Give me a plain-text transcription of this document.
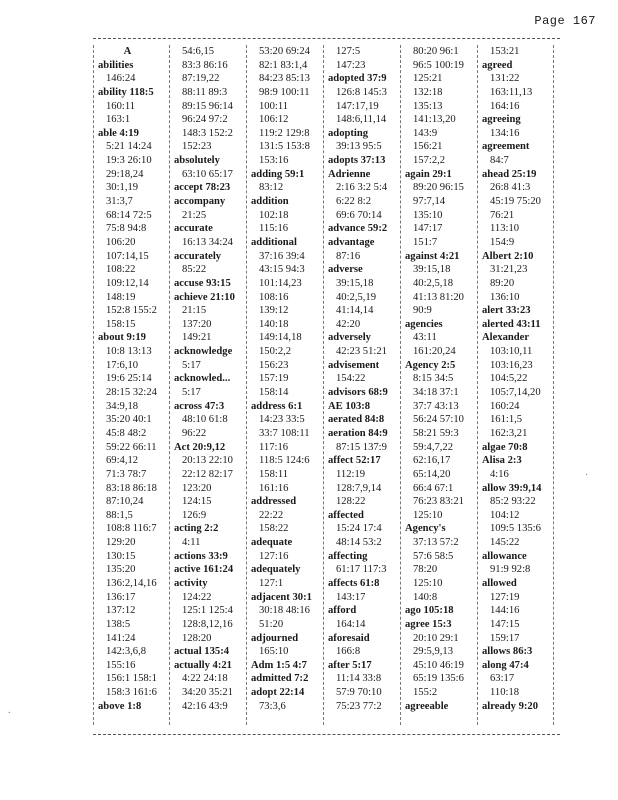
Page 167
A
abilities
146:24
ability 118:5
160:11
163:1
able 4:19
5:21 14:24
19:3 26:10
29:18,24
30:1,19
31:3,7
68:14 72:5
75:8 94:8
106:20
107:14,15
108:22
109:12,14
148:19
152:8 155:2
158:15
about 9:19
10:8 13:13
17:6,10
19:6 25:14
28:15 32:24
34:9,18
35:20 40:1
45:8 48:2
59:22 66:11
69:4,12
71:3 78:7
83:18 86:18
87:10,24
88:1,5
108:8 116:7
129:20
130:15
135:20
136:2,14,16
136:17
137:12
138:5
141:24
142:3,6,8
155:16
156:1 158:1
158:3 161:6
above 1:8
54:6,15
83:3 86:16
87:19,22
88:11 89:3
89:15 96:14
96:24 97:2
148:3 152:2
152:23
absolutely
63:10 65:17
accept 78:23
accompany
21:25
accurate
16:13 34:24
accurately
85:22
accuse 93:15
achieve 21:10
21:15
137:20
149:21
acknowledge
5:17
acknowled...
5:17
across 47:3
48:10 61:8
96:22
Act 20:9,12
20:13 22:10
22:12 82:17
123:20
124:15
126:9
acting 2:2
4:11
actions 33:9
active 161:24
activity
124:22
125:1 125:4
128:8,12,16
128:20
actual 135:4
actually 4:21
4:22 24:18
34:20 35:21
42:16 43:9
53:20 69:24
82:1 83:1,4
84:23 85:13
98:9 100:11
100:11
106:12
119:2 129:8
131:5 153:8
153:16
adding 59:1
83:12
addition
102:18
115:16
additional
37:16 39:4
43:15 94:3
101:14,23
108:16
139:12
140:18
149:14,18
150:2,2
156:23
157:19
158:14
address 6:1
14:23 33:5
33:7 108:11
117:16
118:5 124:6
158:11
161:16
addressed
22:22
158:22
adequate
127:16
adequately
127:1
adjacent 30:1
30:18 48:16
51:20
adjourned
165:10
Adm 1:5 4:7
admitted 7:2
adopt 22:14
73:3,6
127:5
147:23
adopted 37:9
126:8 145:3
147:17,19
148:6,11,14
adopting
39:13 95:5
adopts 37:13
Adrienne
2:16 3:2 5:4
6:22 8:2
69:6 70:14
advance 59:2
advantage
87:16
adverse
39:15,18
40:2,5,19
41:14,14
42:20
adversely
42:23 51:21
advisement
154:22
advisors 68:9
AE 103:8
aerated 84:8
aeration 84:9
87:15 137:9
affect 52:17
112:19
128:7,9,14
128:22
affected
15:24 17:4
48:14 53:2
affecting
61:17 117:3
affects 61:8
143:17
afford
164:14
aforesaid
166:8
after 5:17
11:14 33:8
57:9 70:10
75:23 77:2
80:20 96:1
96:5 100:19
125:21
132:18
135:13
141:13,20
143:9
156:21
157:2,2
again 29:1
89:20 96:15
97:7,14
135:10
147:17
151:7
against 4:21
39:15,18
40:2,5,18
41:13 81:20
90:9
agencies
43:11
161:20,24
Agency 2:5
8:15 34:5
34:18 37:1
37:7 43:13
56:24 57:10
58:21 59:3
59:4,7,22
62:16,17
65:14,20
66:4 67:1
76:23 83:21
125:10
Agency's
37:13 57:2
57:6 58:5
78:20
125:10
140:8
ago 105:18
agree 15:3
20:10 29:1
29:5,9,13
45:10 46:19
65:19 135:6
155:2
agreeable
153:21
agreed
131:22
163:11,13
164:16
agreeing
134:16
agreement
84:7
ahead 25:19
26:8 41:3
45:19 75:20
76:21
113:10
154:9
Albert 2:10
31:21,23
89:20
136:10
alert 33:23
alerted 43:11
Alexander
103:10,11
103:16,23
104:5,22
105:7,14,20
160:24
161:1,5
162:3,21
algae 70:8
Alisa 2:3
4:16
allow 39:9,14
85:2 93:22
104:12
109:5 135:6
145:22
allowance
91:9 92:8
allowed
127:19
144:16
147:15
159:17
allows 86:3
along 47:4
63:17
110:18
already 9:20
.
·
